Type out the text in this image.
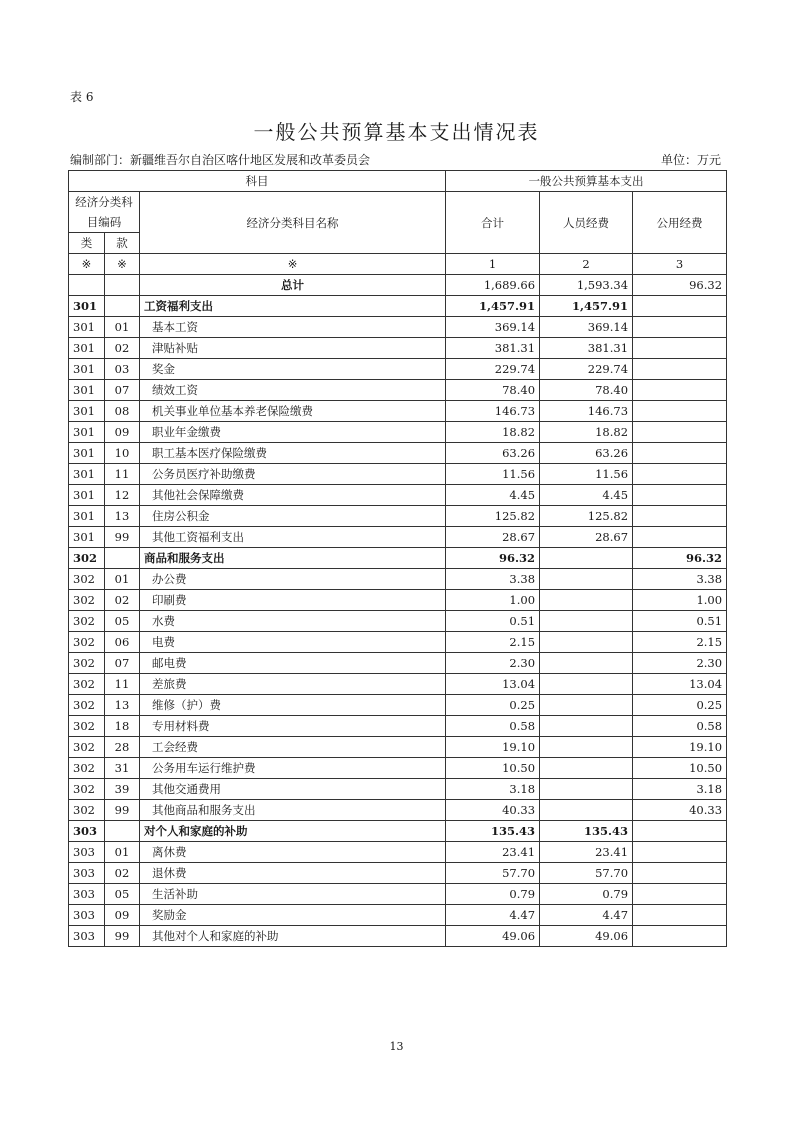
表 6
一般公共预算基本支出情况表
编制部门：新疆维吾尔自治区喀什地区发展和改革委员会	单位：万元
科目			一般公共预算基本支出		
经济分类科目编码		经济分类科目名称	合计	人员经费	公用经费
类	款				
※	※	※	1	2	3
		总计	1,689.66	1,593.34	96.32
301		工资福利支出	1,457.91	1,457.91	
301	01	基本工资	369.14	369.14	
301	02	津贴补贴	381.31	381.31	
301	03	奖金	229.74	229.74	
301	07	绩效工资	78.40	78.40	
301	08	机关事业单位基本养老保险缴费	146.73	146.73	
301	09	职业年金缴费	18.82	18.82	
301	10	职工基本医疗保险缴费	63.26	63.26	
301	11	公务员医疗补助缴费	11.56	11.56	
301	12	其他社会保障缴费	4.45	4.45	
301	13	住房公积金	125.82	125.82	
301	99	其他工资福利支出	28.67	28.67	
302		商品和服务支出	96.32		96.32
302	01	办公费	3.38		3.38
302	02	印刷费	1.00		1.00
302	05	水费	0.51		0.51
302	06	电费	2.15		2.15
302	07	邮电费	2.30		2.30
302	11	差旅费	13.04		13.04
302	13	维修（护）费	0.25		0.25
302	18	专用材料费	0.58		0.58
302	28	工会经费	19.10		19.10
302	31	公务用车运行维护费	10.50		10.50
302	39	其他交通费用	3.18		3.18
302	99	其他商品和服务支出	40.33		40.33
303		对个人和家庭的补助	135.43	135.43	
303	01	离休费	23.41	23.41	
303	02	退休费	57.70	57.70	
303	05	生活补助	0.79	0.79	
303	09	奖励金	4.47	4.47	
303	99	其他对个人和家庭的补助	49.06	49.06	
13
